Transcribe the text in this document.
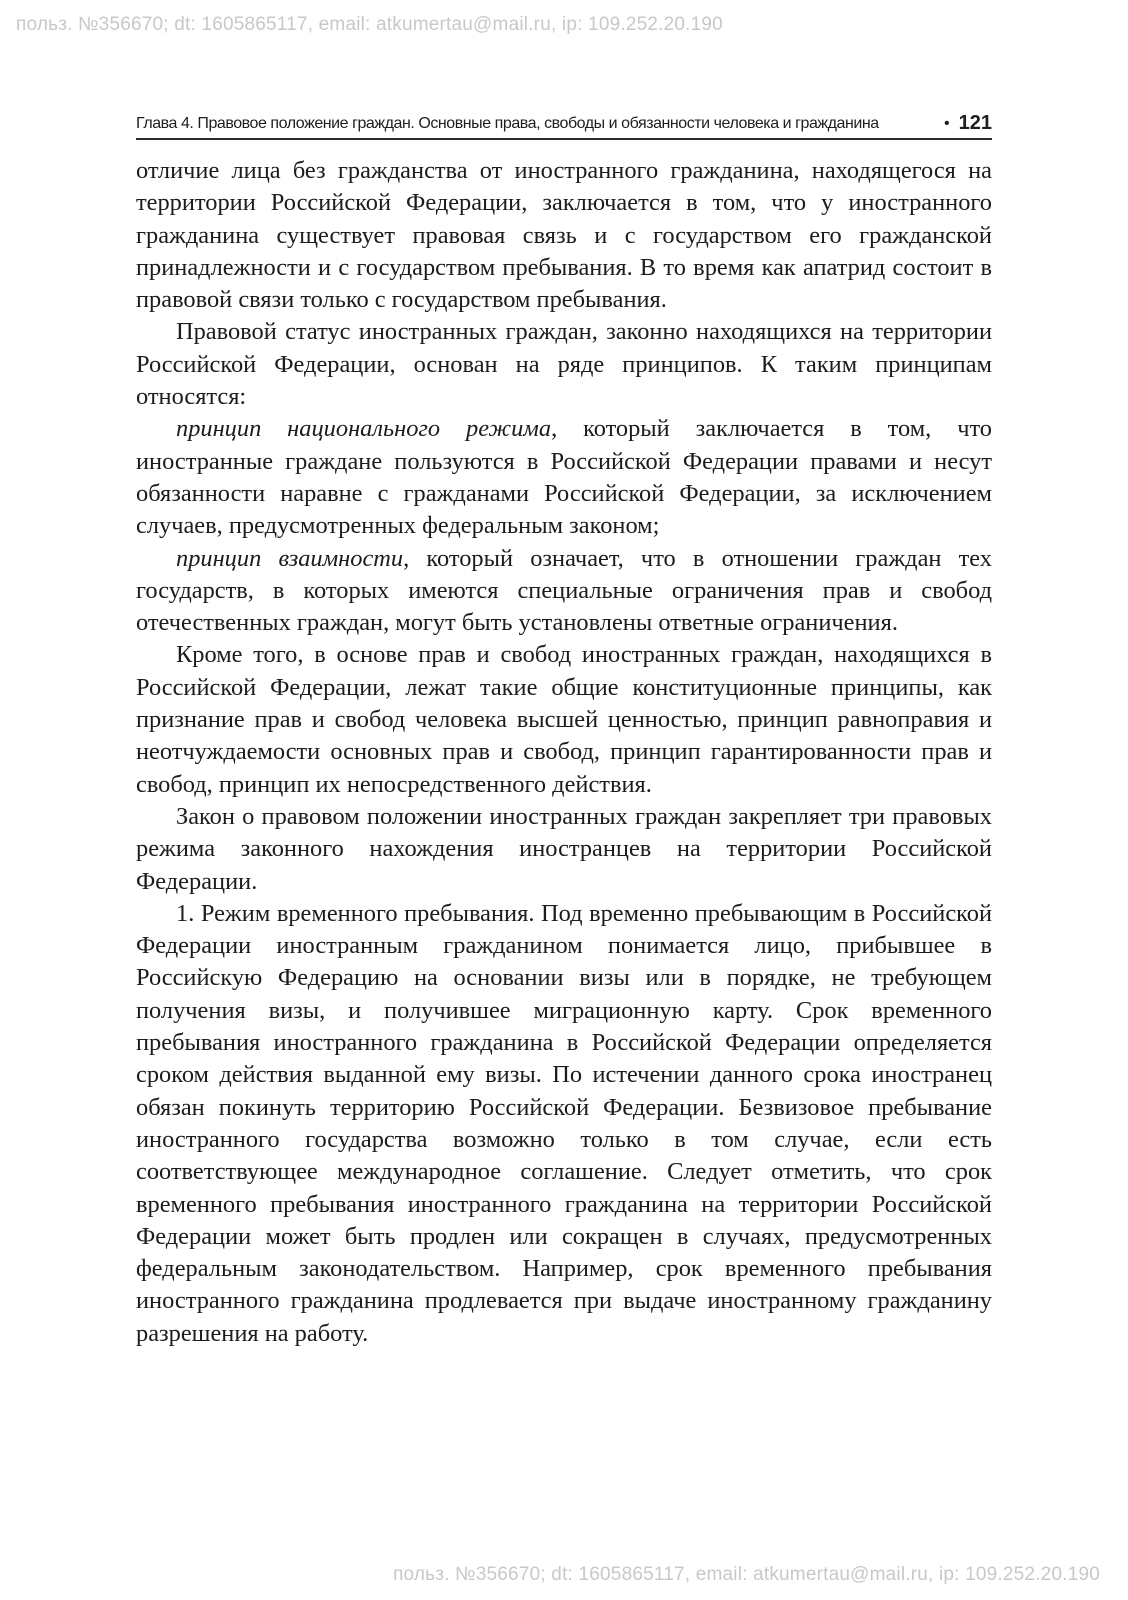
польз. №356670; dt: 1605865117, email: atkumertau@mail.ru, ip: 109.252.20.190
Глава 4. Правовое положение граждан. Основные права, свободы и обязанности человека и гражданина	• 121

отличие лица без гражданства от иностранного гражданина, находящегося на территории Российской Федерации, заключается в том, что у иностранного гражданина существует правовая связь и с государством его гражданской принадлежности и с государством пребывания. В то время как апатрид состоит в правовой связи только с государством пребывания.

Правовой статус иностранных граждан, законно находящихся на территории Российской Федерации, основан на ряде принципов. К таким принципам относятся:

принцип национального режима, который заключается в том, что иностранные граждане пользуются в Российской Федерации правами и несут обязанности наравне с гражданами Российской Федерации, за исключением случаев, предусмотренных федеральным законом;

принцип взаимности, который означает, что в отношении граждан тех государств, в которых имеются специальные ограничения прав и свобод отечественных граждан, могут быть установлены ответные ограничения.

Кроме того, в основе прав и свобод иностранных граждан, находящихся в Российской Федерации, лежат такие общие конституционные принципы, как признание прав и свобод человека высшей ценностью, принцип равноправия и неотчуждаемости основных прав и свобод, принцип гарантированности прав и свобод, принцип их непосредственного действия.

Закон о правовом положении иностранных граждан закрепляет три правовых режима законного нахождения иностранцев на территории Российской Федерации.

1. Режим временного пребывания. Под временно пребывающим в Российской Федерации иностранным гражданином понимается лицо, прибывшее в Российскую Федерацию на основании визы или в порядке, не требующем получения визы, и получившее миграционную карту. Срок временного пребывания иностранного гражданина в Российской Федерации определяется сроком действия выданной ему визы. По истечении данного срока иностранец обязан покинуть территорию Российской Федерации. Безвизовое пребывание иностранного государства возможно только в том случае, если есть соответствующее международное соглашение. Следует отметить, что срок временного пребывания иностранного гражданина на территории Российской Федерации может быть продлен или сокращен в случаях, предусмотренных федеральным законодательством. Например, срок временного пребывания иностранного гражданина продлевается при выдаче иностранному гражданину разрешения на работу.

польз. №356670; dt: 1605865117, email: atkumertau@mail.ru, ip: 109.252.20.190
